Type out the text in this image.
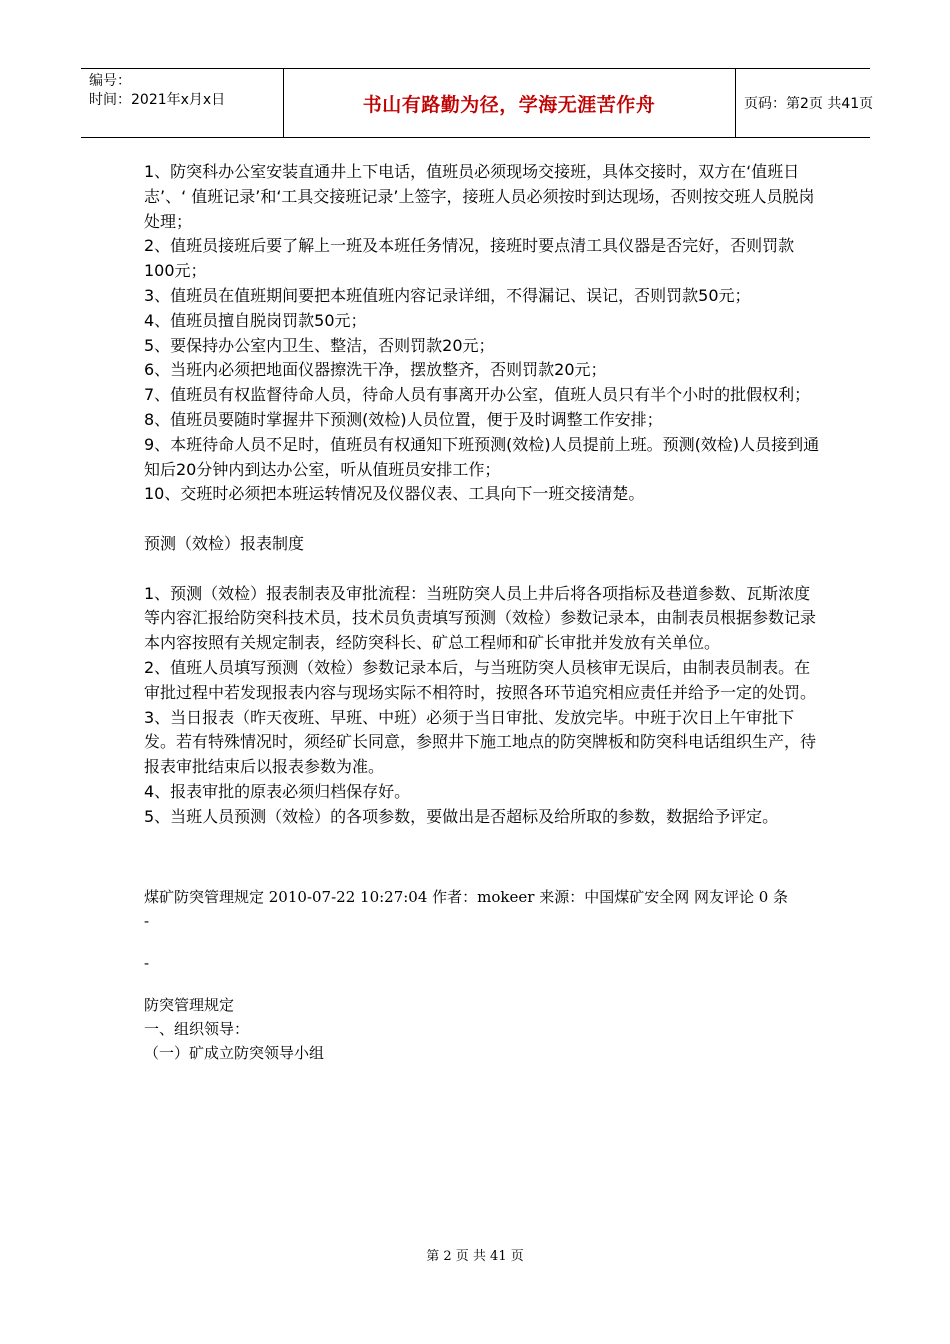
编号：
时间：2021年x月x日	书山有路勤为径，学海无涯苦作舟	页码：第2页 共41页

1、防突科办公室安装直通井上下电话，值班员必须现场交接班，具体交接时，双方在‘值班日志’、‘ 值班记录’和‘工具交接班记录’上签字，接班人员必须按时到达现场，否则按交班人员脱岗处理；

2、值班员接班后要了解上一班及本班任务情况，接班时要点清工具仪器是否完好，否则罚款100元；

3、值班员在值班期间要把本班值班内容记录详细，不得漏记、误记，否则罚款50元；

4、值班员擅自脱岗罚款50元；

5、要保持办公室内卫生、整洁，否则罚款20元；

6、当班内必须把地面仪器擦洗干净，摆放整齐，否则罚款20元；

7、值班员有权监督待命人员，待命人员有事离开办公室，值班人员只有半个小时的批假权利；

8、值班员要随时掌握井下预测(效检)人员位置，便于及时调整工作安排；

9、本班待命人员不足时，值班员有权通知下班预测(效检)人员提前上班。预测(效检)人员接到通知后20分钟内到达办公室，听从值班员安排工作；

10、交班时必须把本班运转情况及仪器仪表、工具向下一班交接清楚。

预测（效检）报表制度

1、预测（效检）报表制表及审批流程：当班防突人员上井后将各项指标及巷道参数、瓦斯浓度等内容汇报给防突科技术员，技术员负责填写预测（效检）参数记录本，由制表员根据参数记录本内容按照有关规定制表，经防突科长、矿总工程师和矿长审批并发放有关单位。

2、值班人员填写预测（效检）参数记录本后，与当班防突人员核审无误后，由制表员制表。在审批过程中若发现报表内容与现场实际不相符时，按照各环节追究相应责任并给予一定的处罚。

3、当日报表（昨天夜班、早班、中班）必须于当日审批、发放完毕。中班于次日上午审批下发。若有特殊情况时，须经矿长同意，参照井下施工地点的防突牌板和防突科电话组织生产，待报表审批结束后以报表参数为准。

4、报表审批的原表必须归档保存好。

5、当班人员预测（效检）的各项参数，要做出是否超标及给所取的参数，数据给予评定。

煤矿防突管理规定 2010-07-22 10:27:04 作者：mokeer 来源：中国煤矿安全网 网友评论 0 条

-

-

防突管理规定

一、组织领导：

（一）矿成立防突领导小组

第 2 页 共 41 页
